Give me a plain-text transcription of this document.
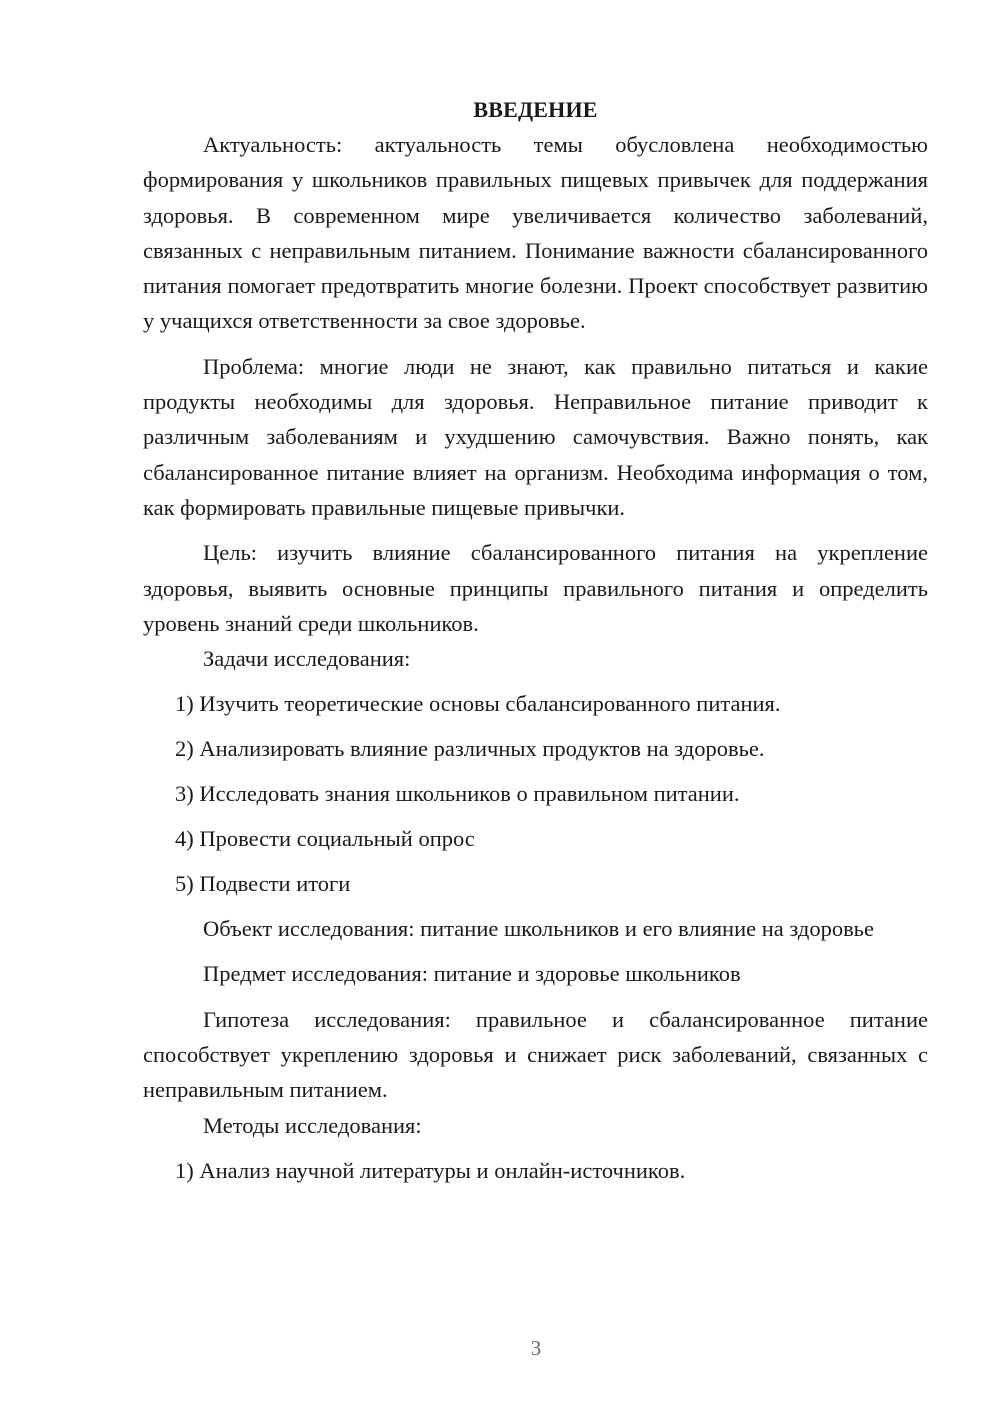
ВВЕДЕНИЕ

Актуальность: актуальность темы обусловлена необходимостью формирования у школьников правильных пищевых привычек для поддержания здоровья. В современном мире увеличивается количество заболеваний, связанных с неправильным питанием. Понимание важности сбалансированного питания помогает предотвратить многие болезни. Проект способствует развитию у учащихся ответственности за свое здоровье.

Проблема: многие люди не знают, как правильно питаться и какие продукты необходимы для здоровья. Неправильное питание приводит к различным заболеваниям и ухудшению самочувствия. Важно понять, как сбалансированное питание влияет на организм. Необходима информация о том, как формировать правильные пищевые привычки.

Цель: изучить влияние сбалансированного питания на укрепление здоровья, выявить основные принципы правильного питания и определить уровень знаний среди школьников.

Задачи исследования:

1) Изучить теоретические основы сбалансированного питания.

2) Анализировать влияние различных продуктов на здоровье.

3) Исследовать знания школьников о правильном питании.

4) Провести социальный опрос

5) Подвести итоги

Объект исследования: питание школьников и его влияние на здоровье

Предмет исследования: питание и здоровье школьников

Гипотеза исследования: правильное и сбалансированное питание способствует укреплению здоровья и снижает риск заболеваний, связанных с неправильным питанием.

Методы исследования:

1) Анализ научной литературы и онлайн-источников.

3
